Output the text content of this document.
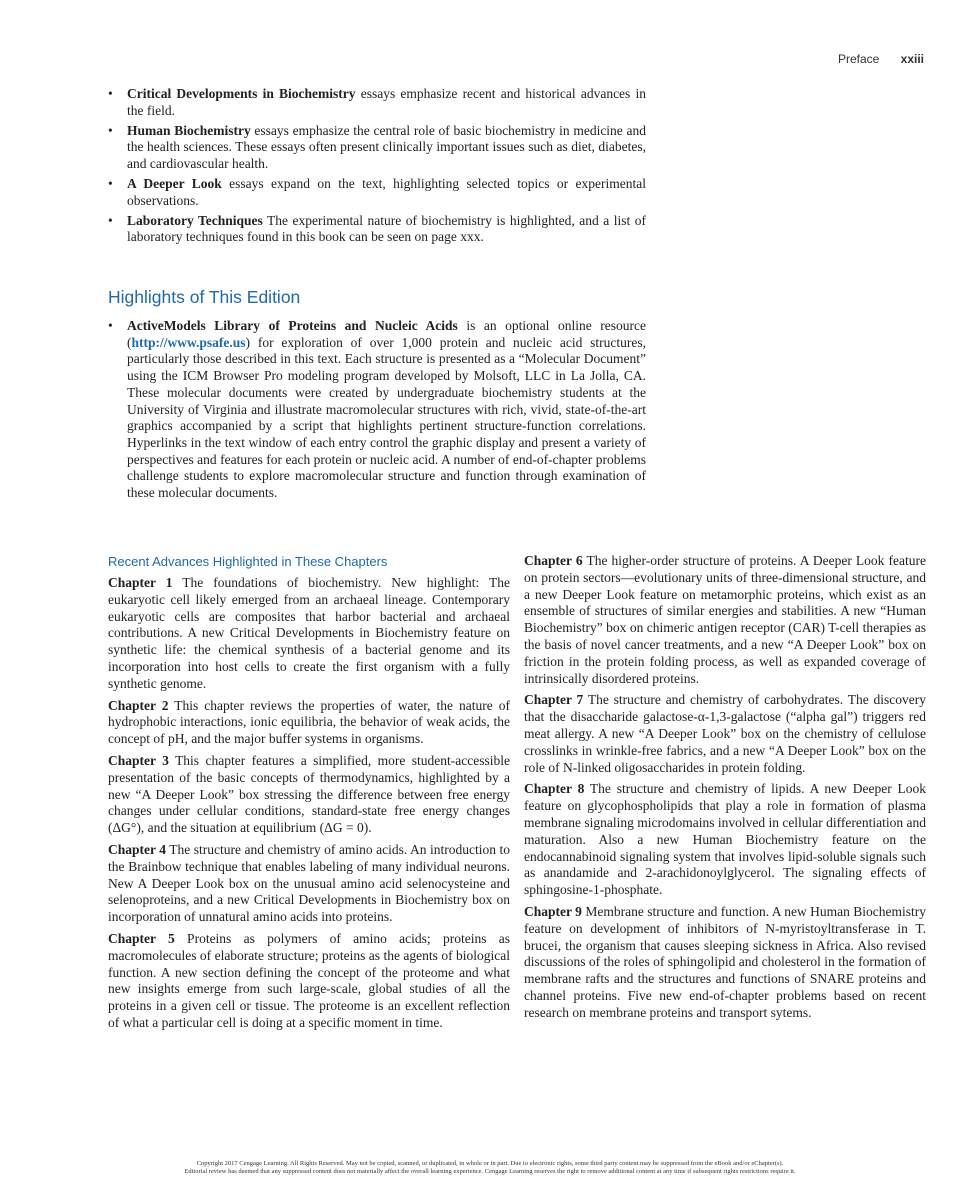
Preface xxiii
• Critical Developments in Biochemistry essays emphasize recent and historical advances in the field.
• Human Biochemistry essays emphasize the central role of basic biochemistry in medicine and the health sciences. These essays often present clinically important issues such as diet, diabetes, and cardiovascular health.
• A Deeper Look essays expand on the text, highlighting selected topics or experimental observations.
• Laboratory Techniques The experimental nature of biochemistry is highlighted, and a list of laboratory techniques found in this book can be seen on page xxx.
Highlights of This Edition
• ActiveModels Library of Proteins and Nucleic Acids is an optional online resource (http://www.psafe.us) for exploration of over 1,000 protein and nucleic acid structures, particularly those described in this text. Each structure is presented as a “Molecular Document” using the ICM Browser Pro modeling program developed by Molsoft, LLC in La Jolla, CA. These molecular documents were created by undergraduate biochemistry students at the University of Virginia and illustrate macromolecular structures with rich, vivid, state-of-the-art graphics accompanied by a script that highlights pertinent structure-function correlations. Hyperlinks in the text window of each entry control the graphic display and present a variety of perspectives and features for each protein or nucleic acid. A number of end-of-chapter problems challenge students to explore macromolecular structure and function through examination of these molecular documents.
Recent Advances Highlighted in These Chapters

Chapter 1 The foundations of biochemistry. New highlight: The eukaryotic cell likely emerged from an archaeal lineage. Contemporary eukaryotic cells are composites that harbor bacterial and archaeal contributions. A new Critical Developments in Biochemistry feature on synthetic life: the chemical synthesis of a bacterial genome and its incorporation into host cells to create the first organism with a fully synthetic genome.

Chapter 2 This chapter reviews the properties of water, the nature of hydrophobic interactions, ionic equilibria, the behavior of weak acids, the concept of pH, and the major buffer systems in organisms.

Chapter 3 This chapter features a simplified, more student-accessible presentation of the basic concepts of thermodynamics, highlighted by a new “A Deeper Look” box stressing the difference between free energy changes under cellular conditions, standard-state free energy changes (ΔG°), and the situation at equilibrium (ΔG = 0).

Chapter 4 The structure and chemistry of amino acids. An introduction to the Brainbow technique that enables labeling of many individual neurons. New A Deeper Look box on the unusual amino acid selenocysteine and selenoproteins, and a new Critical Developments in Biochemistry box on incorporation of unnatural amino acids into proteins.

Chapter 5 Proteins as polymers of amino acids; proteins as macromolecules of elaborate structure; proteins as the agents of biological function. A new section defining the concept of the proteome and what new insights emerge from such large-scale, global studies of all the proteins in a given cell or tissue. The proteome is an excellent reflection of what a particular cell is doing at a specific moment in time.

Chapter 6 The higher-order structure of proteins. A Deeper Look feature on protein sectors—evolutionary units of three-dimensional structure, and a new Deeper Look feature on metamorphic proteins, which exist as an ensemble of structures of similar energies and stabilities. A new “Human Biochemistry” box on chimeric antigen receptor (CAR) T-cell therapies as the basis of novel cancer treatments, and a new “A Deeper Look” box on friction in the protein folding process, as well as expanded coverage of intrinsically disordered proteins.

Chapter 7 The structure and chemistry of carbohydrates. The discovery that the disaccharide galactose-α-1,3-galactose (“alpha gal”) triggers red meat allergy. A new “A Deeper Look” box on the chemistry of cellulose crosslinks in wrinkle-free fabrics, and a new “A Deeper Look” box on the role of N-linked oligosaccharides in protein folding.

Chapter 8 The structure and chemistry of lipids. A new Deeper Look feature on glycophospholipids that play a role in formation of plasma membrane signaling microdomains involved in cellular differentiation and maturation. Also a new Human Biochemistry feature on the endocannabinoid signaling system that involves lipid-soluble signals such as anandamide and 2-arachidonoylglycerol. The signaling effects of sphingosine-1-phosphate.

Chapter 9 Membrane structure and function. A new Human Biochemistry feature on development of inhibitors of N-myristoyltransferase in T. brucei, the organism that causes sleeping sickness in Africa. Also revised discussions of the roles of sphingolipid and cholesterol in the formation of membrane rafts and the structures and functions of SNARE proteins and channel proteins. Five new end-of-chapter problems based on recent research on membrane proteins and transport sytems.

Copyright 2017 Cengage Learning. All Rights Reserved. May not be copied, scanned, or duplicated, in whole or in part. Due to electronic rights, some third party content may be suppressed from the eBook and/or eChapter(s).
Editorial review has deemed that any suppressed content does not materially affect the overall learning experience. Cengage Learning reserves the right to remove additional content at any time if subsequent rights restrictions require it.
